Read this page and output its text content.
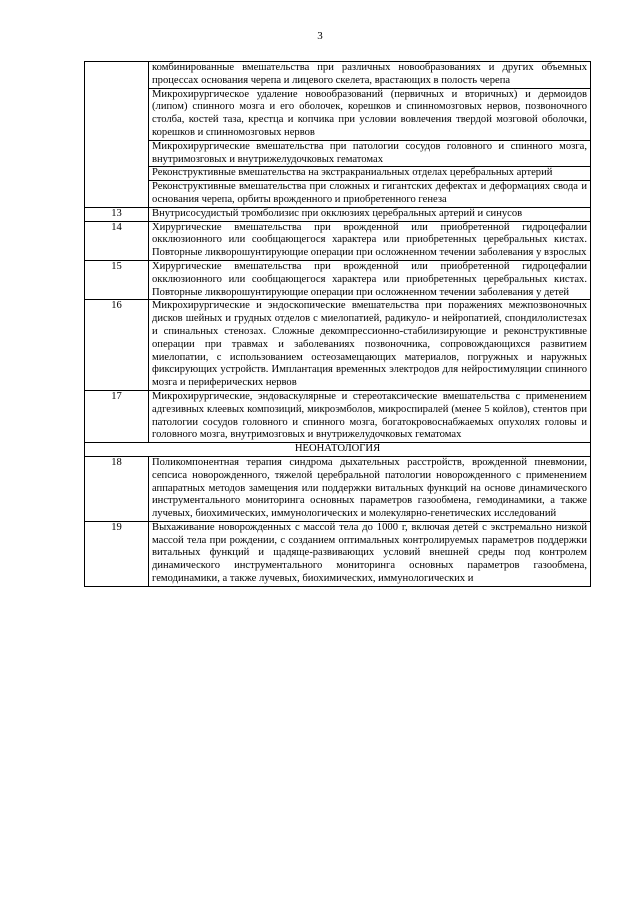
3
	комбинированные вмешательства при различных новообразованиях и других объемных процессах основания черепа и лицевого скелета, врастающих в полость черепа
	Микрохирургическое удаление новообразований (первичных и вторичных) и дермоидов (липом) спинного мозга и его оболочек, корешков и спинномозговых нервов, позвоночного столба, костей таза, крестца и копчика при условии вовлечения твердой мозговой оболочки, корешков и спинномозговых нервов
	Микрохирургические вмешательства при патологии сосудов головного и спинного мозга, внутримозговых и внутрижелудочковых гематомах
	Реконструктивные вмешательства на экстракраниальных отделах церебральных артерий
	Реконструктивные вмешательства при сложных и гигантских дефектах и деформациях свода и основания черепа, орбиты врожденного и приобретенного генеза
13	Внутрисосудистый тромболизис при окклюзиях церебральных артерий и синусов
14	Хирургические вмешательства при врожденной или приобретенной гидроцефалии окклюзионного или сообщающегося характера или приобретенных церебральных кистах. Повторные ликворошунтирующие операции при осложненном течении заболевания у взрослых
15	Хирургические вмешательства при врожденной или приобретенной гидроцефалии окклюзионного или сообщающегося характера или приобретенных церебральных кистах. Повторные ликворошунтирующие операции при осложненном течении заболевания у детей
16	Микрохирургические и эндоскопические вмешательства при поражениях межпозвоночных дисков шейных и грудных отделов с миелопатией, радикуло- и нейропатией, спондилолистезах и спинальных стенозах. Сложные декомпрессионно-стабилизирующие и реконструктивные операции при травмах и заболеваниях позвоночника, сопровождающихся развитием миелопатии, с использованием остеозамещающих материалов, погружных и наружных фиксирующих устройств. Имплантация временных электродов для нейростимуляции спинного мозга и периферических нервов
17	Микрохирургические, эндоваскулярные и стереотаксические вмешательства с применением адгезивных клеевых композиций, микроэмболов, микроспиралей (менее 5 койлов), стентов при патологии сосудов головного и спинного мозга, богатокровоснабжаемых опухолях головы и головного мозга, внутримозговых и внутрижелудочковых гематомах
НЕОНАТОЛОГИЯ	
18	Поликомпонентная терапия синдрома дыхательных расстройств, врожденной пневмонии, сепсиса новорожденного, тяжелой церебральной патологии новорожденного с применением аппаратных методов замещения или поддержки витальных функций на основе динамического инструментального мониторинга основных параметров газообмена, гемодинамики, а также лучевых, биохимических, иммунологических и молекулярно-генетических исследований
19	Выхаживание новорожденных с массой тела до 1000 г, включая детей с экстремально низкой массой тела при рождении, с созданием оптимальных контролируемых параметров поддержки витальных функций и щадяще-развивающих условий внешней среды под контролем динамического инструментального мониторинга основных параметров газообмена, гемодинамики, а также лучевых, биохимических, иммунологических и
